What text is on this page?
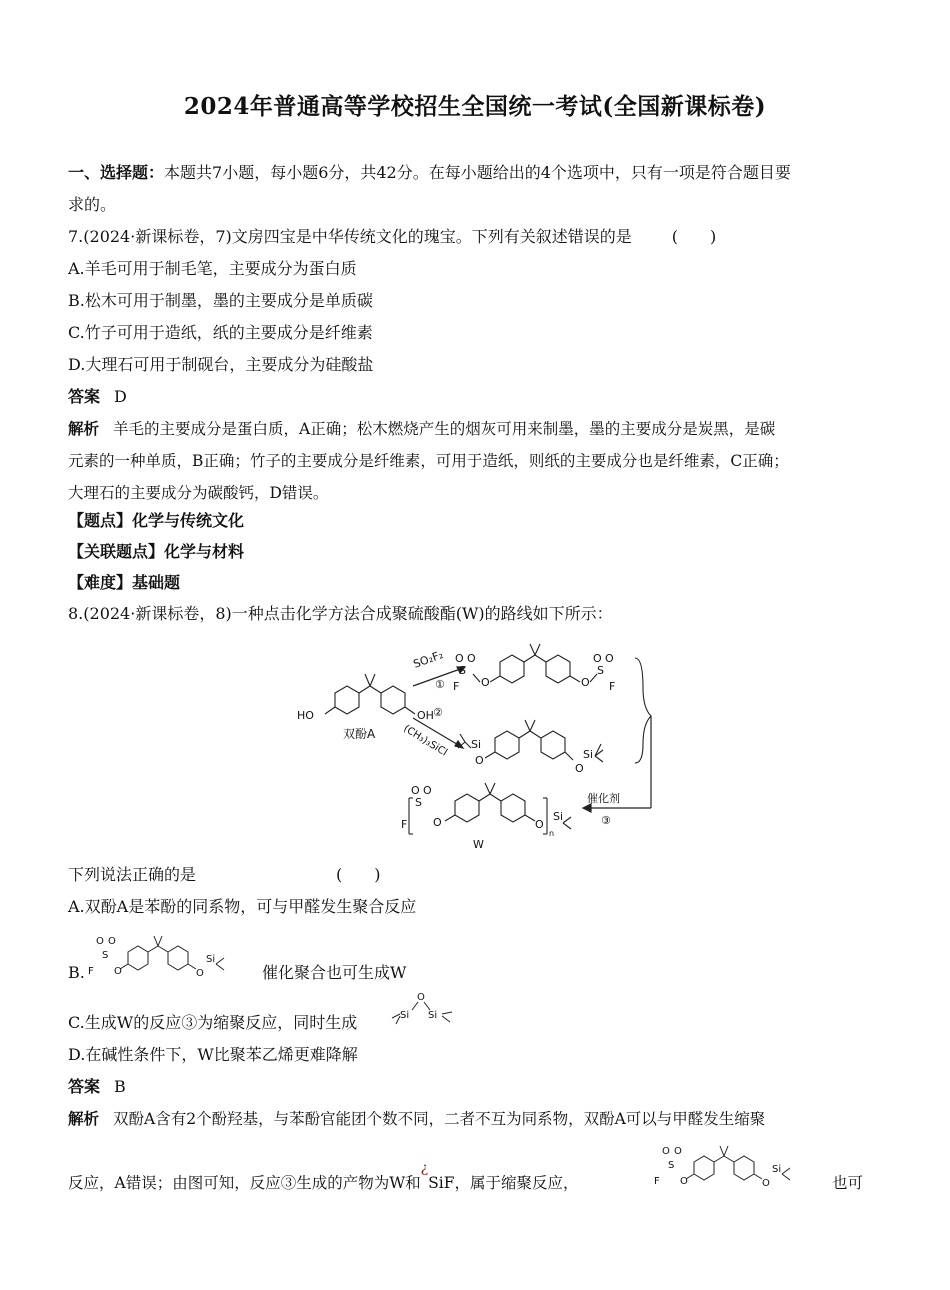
2024年普通高等学校招生全国统一考试(全国新课标卷)
一、选择题：本题共7小题，每小题6分，共42分。在每小题给出的4个选项中，只有一项是符合题目要
求的。
7.(2024·新课标卷，7)文房四宝是中华传统文化的瑰宝。下列有关叙述错误的是	(　　)
A.羊毛可用于制毛笔，主要成分为蛋白质
B.松木可用于制墨，墨的主要成分是单质碳
C.竹子可用于造纸，纸的主要成分是纤维素
D.大理石可用于制砚台，主要成分为硅酸盐
答案 D
解析 羊毛的主要成分是蛋白质，A正确；松木燃烧产生的烟灰可用来制墨，墨的主要成分是炭黑，是碳
元素的一种单质，B正确；竹子的主要成分是纤维素，可用于造纸，则纸的主要成分也是纤维素，C正确；
大理石的主要成分为碳酸钙，D错误。
【题点】化学与传统文化
【关联题点】化学与材料
【难度】基础题
8.(2024·新课标卷，8)一种点击化学方法合成聚硫酸酯(W)的路线如下所示：
HO	OH
双酚A
SO₂F₂
①
②
(CH₃)₃SiCl
S
O O
F O	O
S
O O
F
Si
O
O
Si
S
O O
F O	O
n
Si
催化剂
③
W
下列说法正确的是	(　　)
A.双酚A是苯酚的同系物，可与甲醛发生聚合反应
B.
S
O O
F O	O
Si
催化聚合也可生成W
C.生成W的反应③为缩聚反应，同时生成	Si
O
Si
D.在碱性条件下，W比聚苯乙烯更难降解
答案 B
解析 双酚A含有2个酚羟基，与苯酚官能团个数不同，二者不互为同系物，双酚A可以与甲醛发生缩聚
反应，A错误；由图可知，反应③生成的产物为W和¿SiF，属于缩聚反应，
S
O O
F O	O
Si
也可
